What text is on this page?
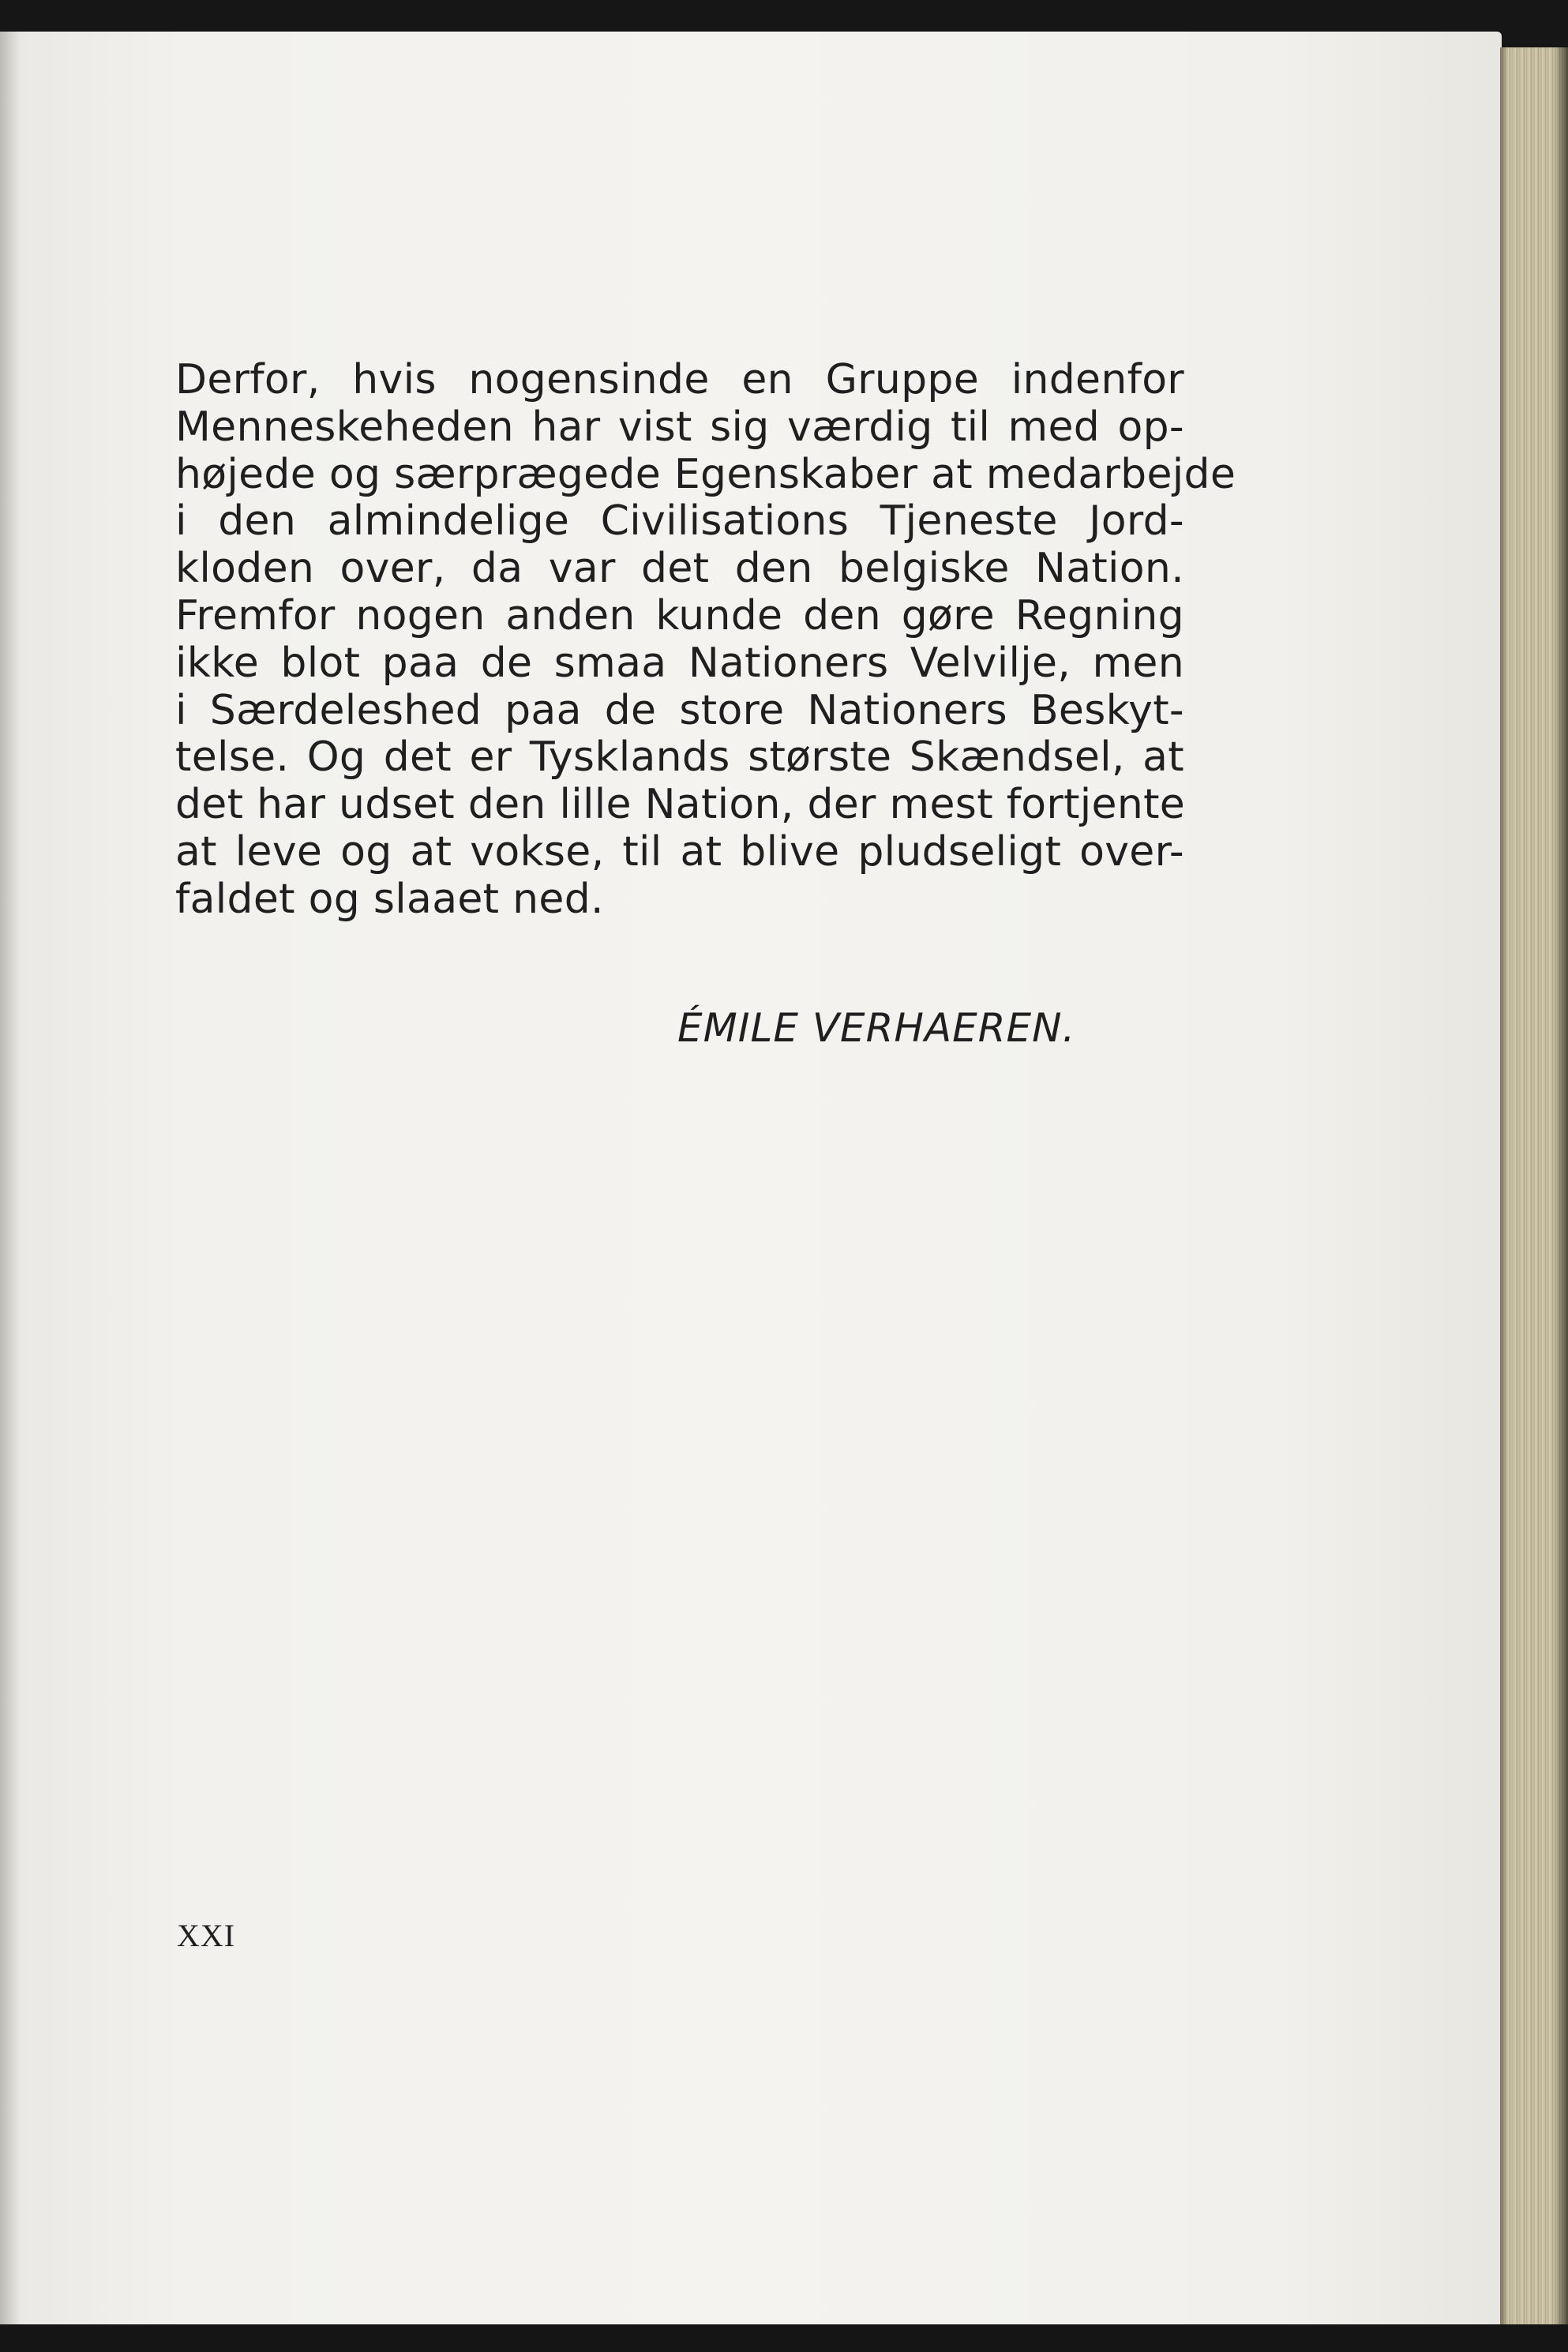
Derfor, hvis nogensinde en Gruppe indenfor
Menneskeheden har vist sig værdig til med op-
højede og særprægede Egenskaber at medarbejde
i den almindelige Civilisations Tjeneste Jord-
kloden over, da var det den belgiske Nation.
Fremfor nogen anden kunde den gøre Regning
ikke blot paa de smaa Nationers Velvilje, men
i Særdeleshed paa de store Nationers Beskyt-
telse. Og det er Tysklands største Skændsel, at
det har udset den lille Nation, der mest fortjente
at leve og at vokse, til at blive pludseligt over-
faldet og slaaet ned.
ÉMILE VERHAEREN.
XXI
